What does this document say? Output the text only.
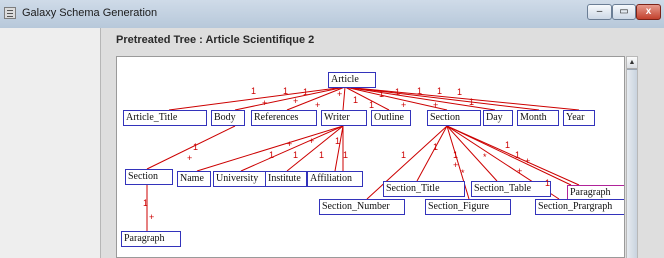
Galaxy Schema Generation	–	▭	x
Pretreated Tree : Article Scientifique 2
Article
Article_Title	Body	References	Writer	Outline	Section	Day	Month	Year
Section	Name	University Institute Affiliation
Section_Title	Section_Table	Paragraph
Section_Number	Section_Figure	Section_Prargraph
Paragraph
1	1 1
+	+ +
+
1
1 1 1 1 1
1	+	+	1
1
+	1
+ + 1
1 1 1	1
1
1
+
*
*
1
1
+
+
1
1
+
▲
